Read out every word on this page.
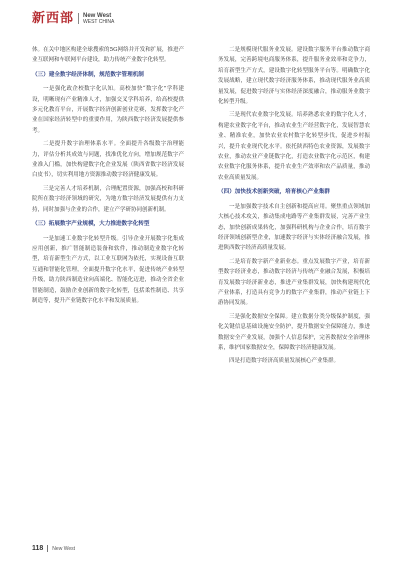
新西部 New West
WEST CHINA

体。在关中地区构建全球搜索的5G网络并开发和扩展，推进产业互联网和车联网平台建设，助力传统产业数字化转型。

（三）建全数字经济体制，规范数字管理机制

一是强化政企校数字化认知。高校加快“数字化”学科建设，明晰现有产业精准人才，加强交叉学科培养，给高校提供多元化教育平台，开展数字经济创新创业竞赛，发挥数字化产业在国家经济转型中的重要作用，为陕西数字经济发展提供参考。

二是提升数字治理体系水平。全面提升各级数字治理能力，评估分析其成效与问题，找准优化方向，增加规范数字产业准入门槛，加快构建数字化企业发展（陕西省数字经济发展白皮书），切实利用地方资源推动数字经济健康发展。

三是完善人才培养机制，合理配置资源，加强高校和科研院所在数字经济领域的研究，为地方数字经济发展提供有力支持，同时加强与企业的合作，建立产学研协同创新机制。

（三）拓展数字产业规模，大力推进数字化转型

一是加速工业数字化转型升级。引导企业开展数字化集成应用创新，推广智能制造装备和软件，推动制造业数字化转型，培育新型生产方式，以工业互联网为依托，实现设备互联互通和智能化管理，全面提升数字化水平，促进传统产业转型升级，助力陕西制造业向高端化、智能化迈进，推动全省企业智能制造，鼓励企业创新的数字化转型，包括柔性制造、共享制造等，提升产业链数字化水平和发展质量。

二是规模现代服务业发展。建设数字服务平台推动数字商务发展，完善跨境电商服务体系，提升服务业效率和竞争力，培育新型生产方式，建设数字化转型服务平台等。明确数字化发展战略，建立现代数字经济服务体系，推动现代服务业高质量发展，促进数字经济与实体经济深度融合，推动服务业数字化转型升级。

三是现代农业数字化发展。培养熟悉农业的数字化人才，构建农业数字化平台，推动农业生产经营数字化，发展智慧农业、精准农业，加快农业农村数字化转型步伐，促进乡村振兴，提升农业现代化水平。依托陕西特色农业资源，发展数字农业，推动农业产业链数字化，打造农业数字化示范区，构建农业数字化服务体系，提升农业生产效率和农产品质量，推动农业高质量发展。

（四）加快技术创新突破，培育核心产业集群

一是加强数字技术自主创新和提高应用。聚焦重点领域加大核心技术攻关，推动集成电路等产业集群发展，完善产业生态，加快创新成果转化，加强科研机构与企业合作，培育数字经济领域创新型企业，加速数字经济与实体经济融合发展，推进陕西数字经济高质量发展。

二是培育数字新产业新业态。重点发展数字产业，培育新型数字经济业态，推动数字经济与传统产业融合发展，积极培育发展数字经济新业态，推进产业集群发展，加快构建现代化产业体系，打造具有竞争力的数字产业集群，推动产业链上下游协同发展。

三是强化数据安全保障。建立数据分类分级保护制度，强化关键信息基础设施安全防护，提升数据安全保障能力，推进数据安全产业发展，加强个人信息保护，完善数据安全治理体系，维护国家数据安全，保障数字经济健康发展。

四是打造数字经济高质量发展核心产业集群。

118 New West
